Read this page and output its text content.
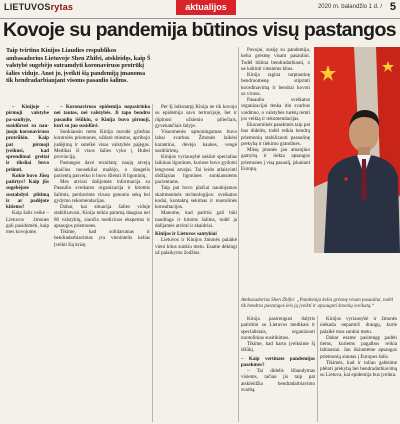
LIETUVOSrytas	aktualijos	2020 m. balandžio 1 d. / 5
Kovoje su pandemija būtinos visų pastangos
Taip tvirtino Kinijos Liaudies respublikos ambasadorius Lietuvoje Shen Zhifei, atskleidęs, kaip Š valstybė sugebėjo sutramdyti koronaviruso protrūkį šalies viduje. Anot jo, įveikti šią pandemiją įmanoma tik bendradarbiaujant visoms pasaulio šalims.

– Kinijoje – pirmoji valstybe pa-sauliyje, susidūrusi su nau-juoju koronavirusu protrūkiu. Kaip pat pirmoji įveikusi, kad sprendimai greitai ir tiksliai buvo priimti.

Kokie buvo Jūsų patirtys? Kaip jūs sugebėjote sustabdyti plitimą ir ar padėjote kitiems?

Kaip šalis veikė – Lietuvos žmonės gali pasidomėti, kaip mes kovojome.

– Koronaviruso epidemija nepasirinko nei tautos, nei valstybės. Ji tapo bendru pasaulio iššūkiu, o Kinija buvo pirmoji, kuri su juo susidūrė.

Sunkiausiu metu Kinija nurodė griežtas kontrolės priemones, uždarė miestus, apribojo judėjimą ir sutelkė visas valstybės pajėgas. Medikai iš visos šalies vyko į Hubei provinciją.

Pastangos davė rezultatų: naujų atvejų skaičius nuosekliai mažėjo, o daugelis pacientų pasveiko ir buvo išleisti iš ligoninių.

Mes atvirai dalijomės informacija su Pasaulio sveikatos organizacija ir kitomis šalimis, perdavėme viruso genomo seką bei gydymo rekomendacijas.

Dabar, kai situacija šalies viduje stabilizavosi, Kinija teikia paramą daugiau nei 80 valstybių, siunčia medicinos ekspertus ir apsaugos priemones.

Tikime, kad solidarumas ir bendradarbiavimas yra vienintelis kelias įveikti šią krizę.

Per šį laikotarpį Kinija ne tik kovojo su epidemija savo teritorijoje, bet ir rūpinosi užsienio piliečiais, gyvenančiais šalyje.

Visuomenės sąmoningumas buvo labai svarbus. Žmonės laikėsi karantino, dėvėjo kaukes, vengė susibūrimų.

Kinijos vyriausybė sukūrė specialias laikinas ligonines, kuriose buvo gydomi lengvesni atvejai. Tai leido atlaisvinti didžiąsias ligonines sunkiausiems pacientams.

Taip pat buvo plačiai naudojamos skaitmeninės technologijos: sveikatos kodai, kontaktų sekimas ir nuotolinės konsultacijos.

Manome, kad patirtis gali būti naudinga ir kitoms šalims, todėl ja dalijamės atvirai ir skaidriai.

Kinijos ir Lietuvos santykiai

Lietuvos ir Kinijos žmonės palaikė vieni kitus sunkiu metu. Esame dėkingi už palaikymo žodžius.

Pavojai, susiję su pandemija, kelia grėsmę visam pasauliui. Todėl būtina bendradarbiauti, o ne kaltinti vieniems kitus.

Kinija ragina tarptautinę bendruomenę stiprinti koordinavimą ir bendrai kovoti su virusu.

Pasaulio sveikatos organizacijai tenka itin svarbus vaidmuo, o valstybės turėtų remti jos veiklą ir rekomendacijas.

Ekonominės pasekmės taip pat bus didelės, todėl reikia bendrų priemonių stabilizuoti pasaulinę prekybą ir tiekimo grandines.

Mūsų įmonės jau atnaujino gamybą ir tiekia apsaugos priemones į visą pasaulį, įskaitant Europą.

Ambasadorius Shen Zhifei: „Pandemija kelia grėsmę visam pasauliui, todėl tik bendros pastangos leis ją įveikti ir apsaugoti žmonių sveikatą.“

Kinija pasirengusi dalytis patirtimi su Lietuvos medikais ir specialistais, organizuoti nuotolinius susitikimus.

Tikime, kad kartu įveiksime šį iššūkį.

– Kaip vertinate pandemijos pasekmes?

– Tai didelis išbandymas visiems, tačiau jis taip pat atskleidžia bendradarbiavimo svarbą.

Kinijos vyriausybė ir žmonės niekada nepamirš draugų, kurie palaikė mus sunkiu metu.

Dabar esame pasirengę padėti tiems, kuriems pagalbos reikia labiausiai. Jau išsiuntėme apsaugos priemonių siuntas į Europos šalis.

Tikimės, kad ir toliau galėsime plėtoti prekybą bei bendradarbiavimą su Lietuva, kai epidemija bus įveikta.
